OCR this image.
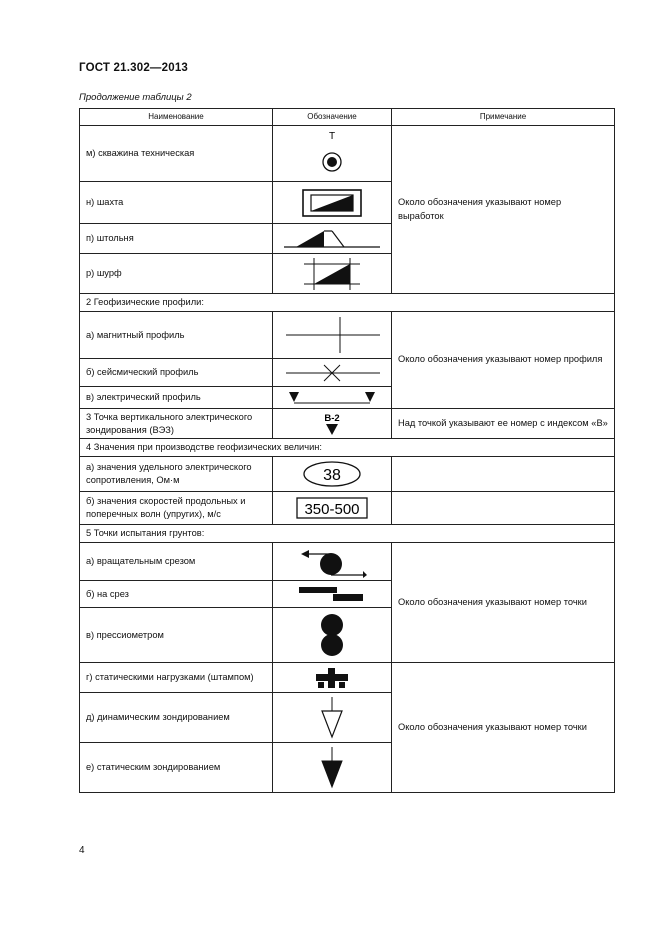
ГОСТ 21.302—2013
Продолжение таблицы 2
Наименование	Обозначение	Примечание
м) скважина техническая	Т	Около обозначения указывают номер выработок
н) шахта	

п) штольня	

р) шурф	

2 Геофизические профили:		
а) магнитный профиль		Около обозначения указывают номер профиля
б) сейсмический профиль	

в) электрический профиль	

3 Точка вертикального электрического зондирования (ВЭЗ)	В-2	Над точкой указывают ее номер с индексом «В»
4 Значения при производстве геофизических величин:		
а) значения удельного электрического сопротивления, Ом·м	38	

б) значения скоростей продольных и поперечных волн (упругих), м/с	350-500	

5 Точки испытания грунтов:		
а) вращательным срезом		Около обозначения указывают номер точки
б) на срез	

в) прессиометром	

г) статическими нагрузками (штампом)		Около обозначения указывают номер точки
д) динамическим зондированием	

е) статическим зондированием	
4
